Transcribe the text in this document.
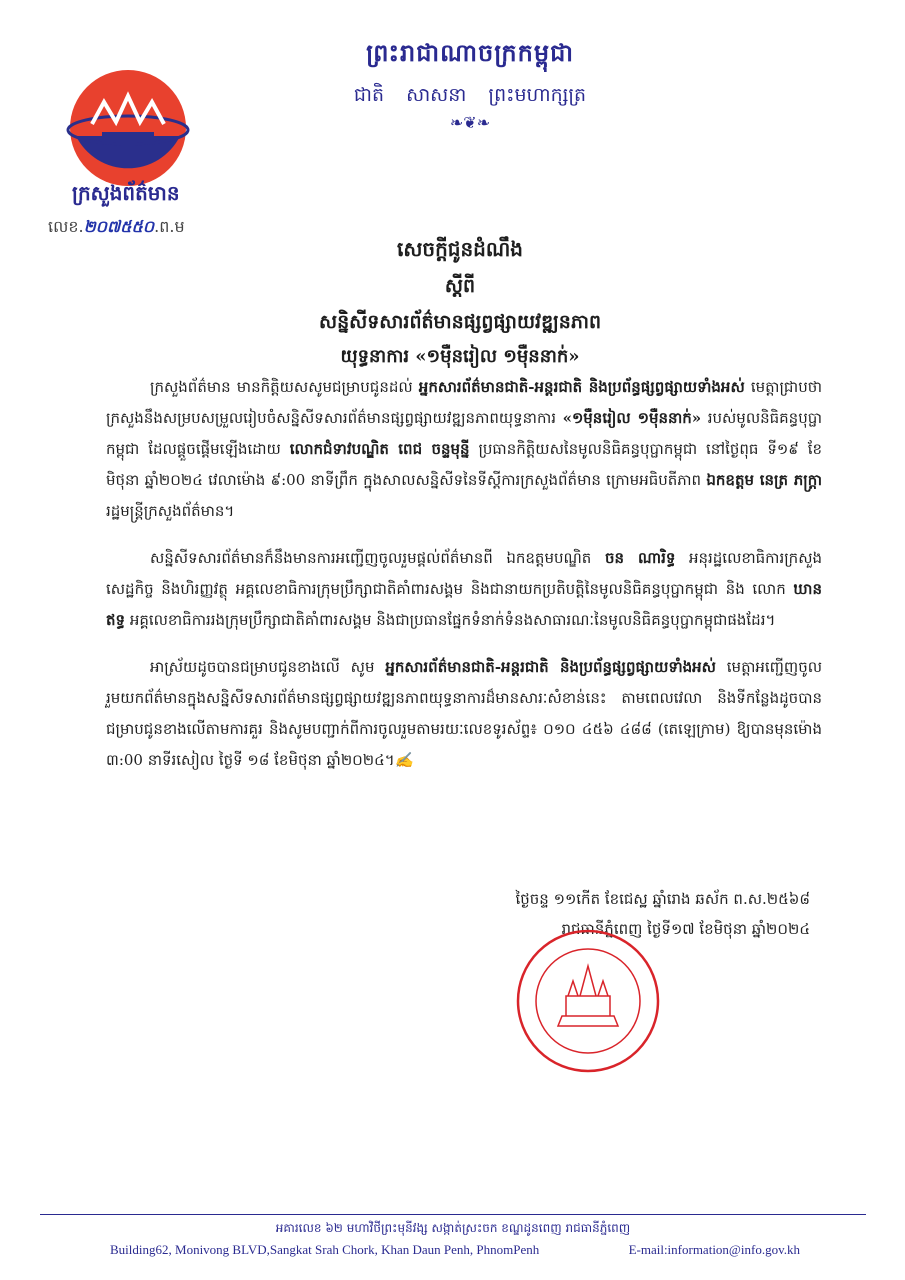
ព្រះរាជាណាចក្រកម្ពុជា
ជាតិ សាសនា ព្រះមហាក្សត្រ
❧❦❧
ក្រសួងព័ត៌មាន
លេខ.២០៧៥៥០.ព.ម
សេចក្តីជូនដំណឹង
ស្តីពី
សន្និសីទសារព័ត៌មានផ្សព្វផ្សាយវឌ្ឍនភាព
យុទ្ធនាការ «១ម៉ឺនរៀល ១ម៉ឺននាក់»

ក្រសួងព័ត៌មាន មានកិត្តិយសសូមជម្រាបជូនដល់ អ្នកសារព័ត៌មានជាតិ-អន្តរជាតិ និងប្រព័ន្ធផ្សព្វផ្សាយទាំងអស់ មេត្តាជ្រាបថា ក្រសួងនឹងសម្របសម្រួលរៀបចំសន្និសីទសារព័ត៌មានផ្សព្វផ្សាយវឌ្ឍនភាពយុទ្ធនាការ «១ម៉ឺនរៀល ១ម៉ឺននាក់» របស់មូលនិធិគន្ធបុប្ផាកម្ពុជា ដែលផ្តួចផ្តើមឡើងដោយ លោកជំទាវបណ្ឌិត ពេជ ចន្ទមុន្នី ប្រធានកិត្តិយសនៃមូលនិធិគន្ធបុប្ផាកម្ពុជា នៅថ្ងៃពុធ ទី១៩ ខែមិថុនា ឆ្នាំ២០២៤ វេលាម៉ោង ៩:00 នាទីព្រឹក ក្នុងសាលសន្និសីទនៃទីស្តីការក្រសួងព័ត៌មាន ក្រោមអធិបតីភាព ឯកឧត្តម នេត្រ ភក្ត្រា រដ្ឋមន្ត្រីក្រសួងព័ត៌មាន។

សន្និសីទសារព័ត៌មានក៏នឹងមានការអញ្ជើញចូលរួមផ្តល់ព័ត៌មានពី ឯកឧត្តមបណ្ឌិត ចន ណារិទ្ធ អនុរដ្ឋលេខាធិការក្រសួងសេដ្ឋកិច្ច និងហិរញ្ញវត្ថុ អគ្គលេខាធិការក្រុមប្រឹក្សាជាតិគាំពារសង្គម និងជានាយកប្រតិបត្តិនៃមូលនិធិគន្ធបុប្ផាកម្ពុជា និង លោក ឃាន ឥទ្ធ អគ្គលេខាធិការរងក្រុមប្រឹក្សាជាតិគាំពារសង្គម និងជាប្រធានផ្នែកទំនាក់ទំនងសាធារណៈនៃមូលនិធិគន្ធបុប្ផាកម្ពុជាផងដែរ។

អាស្រ័យដូចបានជម្រាបជូនខាងលើ សូម អ្នកសារព័ត៌មានជាតិ-អន្តរជាតិ និងប្រព័ន្ធផ្សព្វផ្សាយទាំងអស់ មេត្តាអញ្ជើញចូលរួមយកព័ត៌មានក្នុងសន្និសីទសារព័ត៌មានផ្សព្វផ្សាយវឌ្ឍនភាពយុទ្ធនាការដ៏មានសារៈសំខាន់នេះ តាមពេលវេលា និងទីកន្លែងដូចបានជម្រាបជូនខាងលើតាមការគួរ និងសូមបញ្ជាក់ពីការចូលរួមតាមរយៈលេខទូរស័ព្ទ៖ ០១០ ៤៥៦ ៤៨៨ (តេឡេក្រាម) ឱ្យបានមុនម៉ោង ៣:00 នាទីរសៀល ថ្ងៃទី ១៨ ខែមិថុនា ឆ្នាំ២០២៤។✍

ថ្ងៃចន្ទ ១១កើត ខែជេស្ឋ ឆ្នាំរោង ឆស័ក ព.ស.២៥៦៨
រាជធានីភ្នំពេញ ថ្ងៃទី១៧ ខែមិថុនា ឆ្នាំ២០២៤
អគារលេខ ៦២ មហាវិថីព្រះមុនីវង្ស សង្កាត់ស្រះចក ខណ្ឌដូនពេញ រាជធានីភ្នំពេញ
Building62, Monivong BLVD,Sangkat Srah Chork, Khan Daun Penh, PhnomPenh	E-mail:information@info.gov.kh
